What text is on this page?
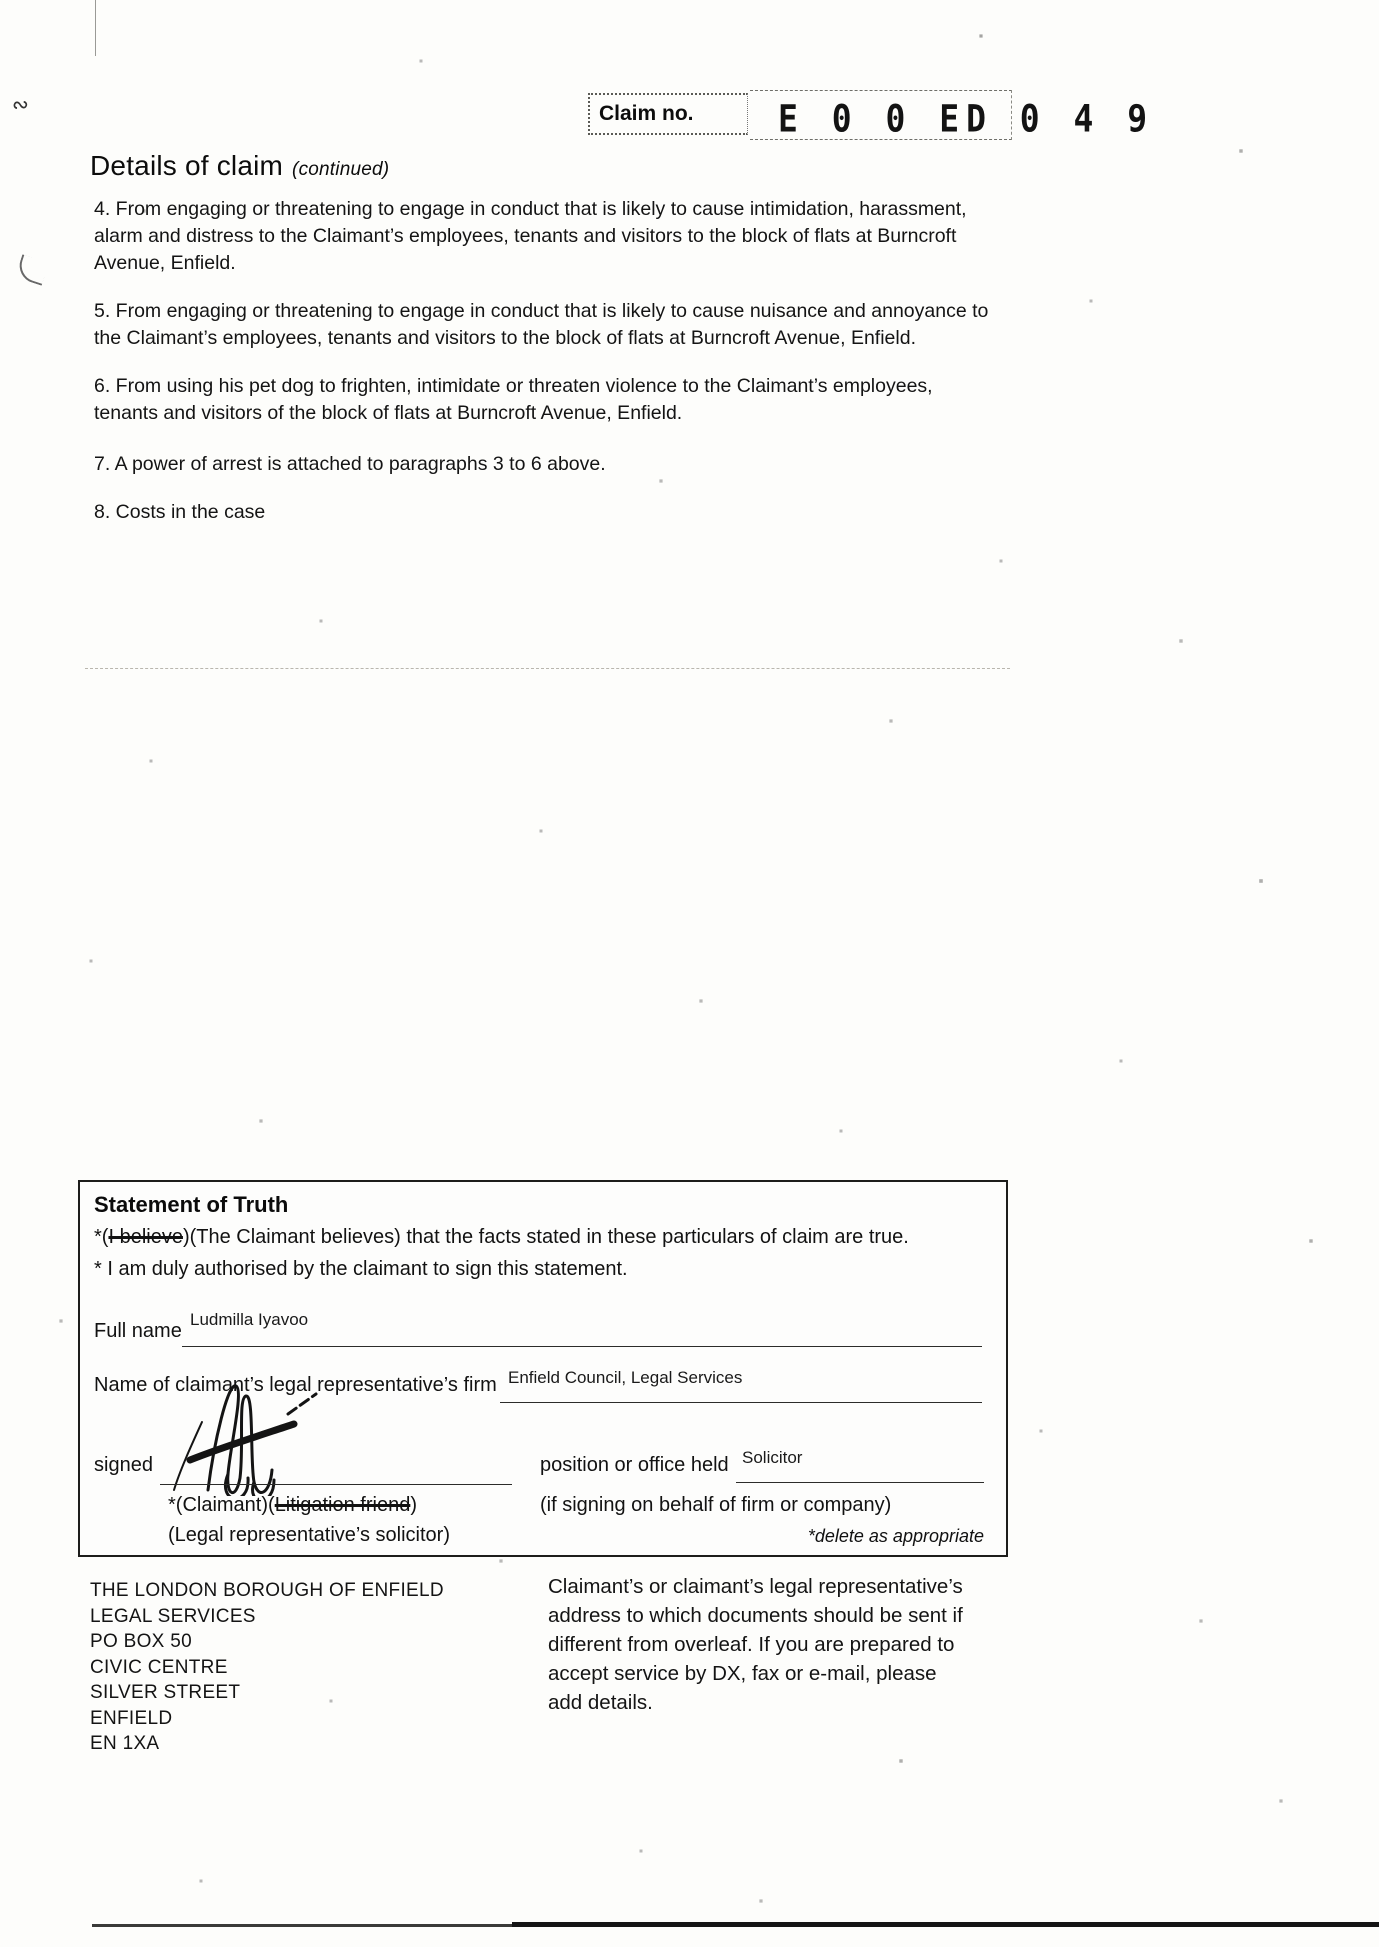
∾	Claim no.	E 0 0 ED 0 4 9
Details of claim (continued)

4. From engaging or threatening to engage in conduct that is likely to cause intimidation, harassment, alarm and distress to the Claimant’s employees, tenants and visitors to the block of flats at Burncroft Avenue, Enfield.

5. From engaging or threatening to engage in conduct that is likely to cause nuisance and annoyance to the Claimant’s employees, tenants and visitors to the block of flats at Burncroft Avenue, Enfield.

6. From using his pet dog to frighten, intimidate or threaten violence to the Claimant’s employees, tenants and visitors of the block of flats at Burncroft Avenue, Enfield.

7. A power of arrest is attached to paragraphs 3 to 6 above.

8. Costs in the case

Statement of Truth
*(I believe)(The Claimant believes) that the facts stated in these particulars of claim are true.
* I am duly authorised by the claimant to sign this statement.
Full name
Ludmilla Iyavoo
Name of claimant’s legal representative’s firm Enfield Council, Legal Services
signed	position or office held Solicitor
*(Claimant)(Litigation friend)	(if signing on behalf of firm or company)
(Legal representative’s solicitor)	*delete as appropriate
THE LONDON BOROUGH OF ENFIELD
LEGAL SERVICES
PO BOX 50
CIVIC CENTRE
SILVER STREET
ENFIELD
EN 1XA
Claimant’s or claimant’s legal representative’s address to which documents should be sent if different from overleaf. If you are prepared to accept service by DX, fax or e-mail, please add details.
